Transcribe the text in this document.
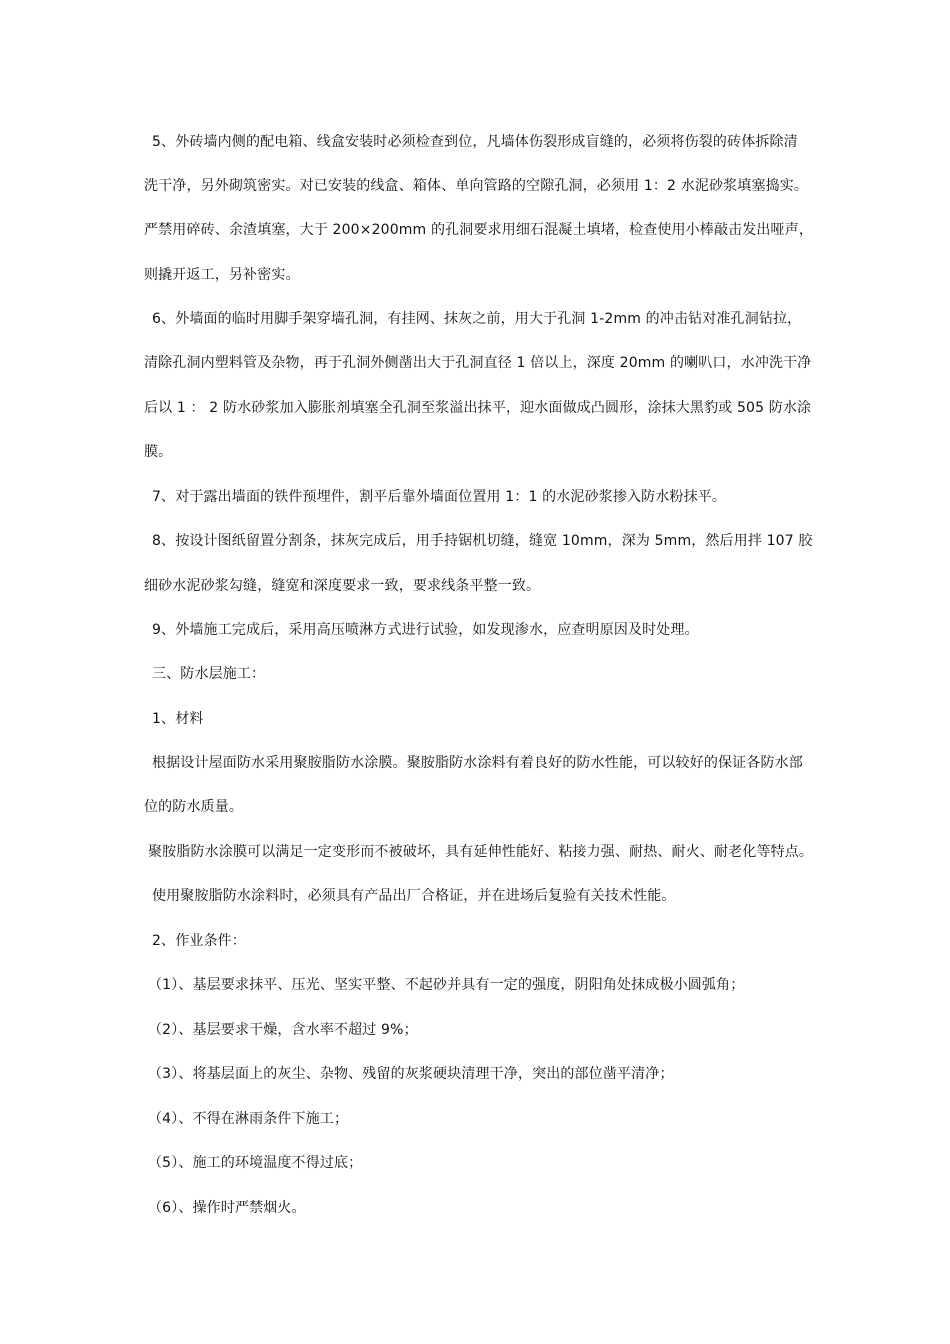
5、外砖墙内侧的配电箱、线盒安装时必须检查到位，凡墙体伤裂形成盲缝的，必须将伤裂的砖体拆除清
洗干净，另外砌筑密实。对已安装的线盒、箱体、单向管路的空隙孔洞，必须用 1：2 水泥砂浆填塞捣实。
严禁用碎砖、余渣填塞，大于 200×200mm 的孔洞要求用细石混凝土填堵，检查使用小棒敲击发出哑声，
则撬开返工，另补密实。
6、外墙面的临时用脚手架穿墙孔洞，有挂网、抹灰之前，用大于孔洞 1-2mm 的冲击钻对准孔洞钻拉，
清除孔洞内塑料管及杂物，再于孔洞外侧凿出大于孔洞直径 1 倍以上，深度 20mm 的喇叭口，水冲洗干净
后以 1 ： 2 防水砂浆加入膨胀剂填塞全孔洞至浆溢出抹平，迎水面做成凸圆形，涂抹大黑豹或 505 防水涂
膜。
7、对于露出墙面的铁件预埋件，割平后靠外墙面位置用 1：1 的水泥砂浆掺入防水粉抹平。
8、按设计图纸留置分割条，抹灰完成后，用手持锯机切缝，缝宽 10mm，深为 5mm，然后用拌 107 胶
细砂水泥砂浆勾缝，缝宽和深度要求一致，要求线条平整一致。
9、外墙施工完成后，采用高压喷淋方式进行试验，如发现渗水，应查明原因及时处理。
三、防水层施工：
1、材料
根据设计屋面防水采用聚胺脂防水涂膜。聚胺脂防水涂料有着良好的防水性能，可以较好的保证各防水部
位的防水质量。
聚胺脂防水涂膜可以满足一定变形而不被破坏，具有延伸性能好、粘接力强、耐热、耐火、耐老化等特点。
使用聚胺脂防水涂料时，必须具有产品出厂合格证，并在进场后复验有关技术性能。
2、作业条件：
（1）、基层要求抹平、压光、坚实平整、不起砂并具有一定的强度，阴阳角处抹成极小圆弧角；
（2）、基层要求干燥，含水率不超过 9%；
（3）、将基层面上的灰尘、杂物、残留的灰浆硬块清理干净，突出的部位凿平清净；
（4）、不得在淋雨条件下施工；
（5）、施工的环境温度不得过底；
（6）、操作时严禁烟火。
